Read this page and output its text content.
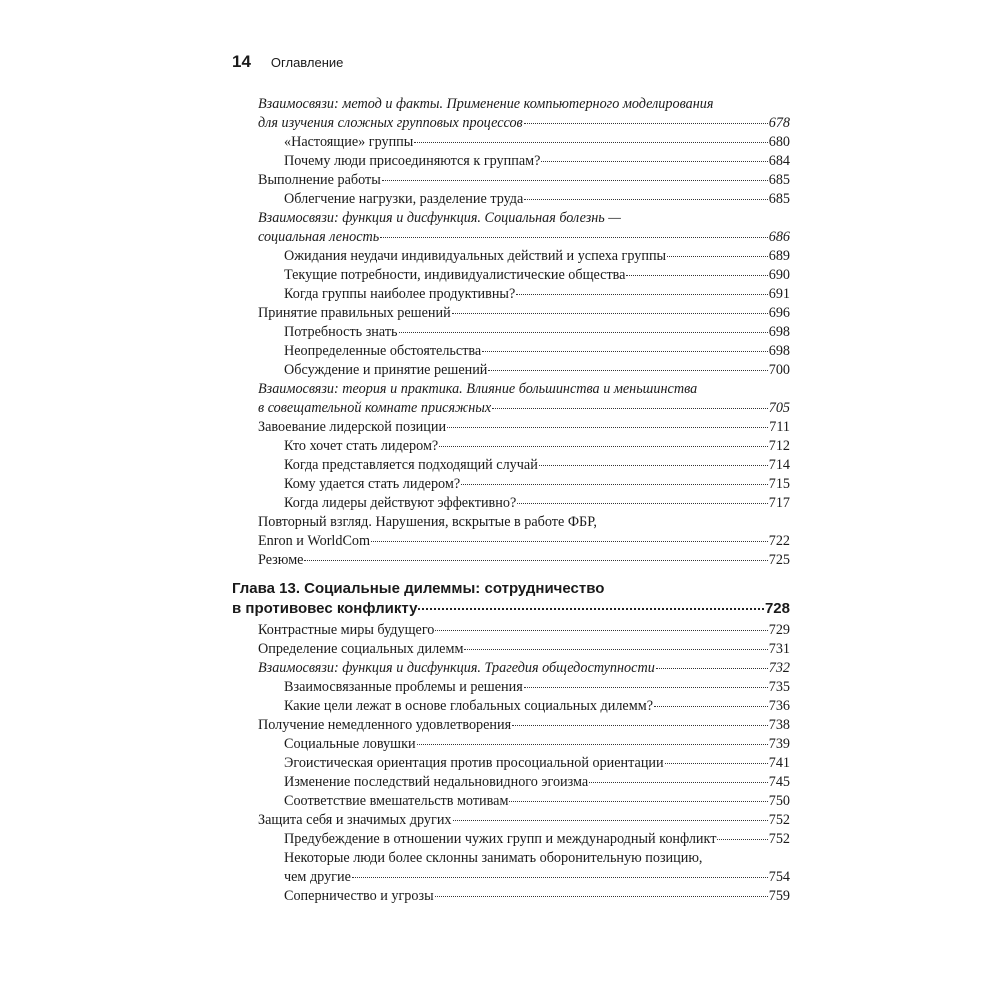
14 Оглавление
Взаимосвязи: метод и факты. Применение компьютерного моделирования
для изучения сложных групповых процессов	678
«Настоящие» группы	680
Почему люди присоединяются к группам?	684
Выполнение работы	685
Облегчение нагрузки, разделение труда	685
Взаимосвязи: функция и дисфункция. Социальная болезнь —
социальная леность	686
Ожидания неудачи индивидуальных действий и успеха группы	689
Текущие потребности, индивидуалистические общества	690
Когда группы наиболее продуктивны?	691
Принятие правильных решений	696
Потребность знать	698
Неопределенные обстоятельства	698
Обсуждение и принятие решений	700
Взаимосвязи: теория и практика. Влияние большинства и меньшинства
в совещательной комнате присяжных	705
Завоевание лидерской позиции	711
Кто хочет стать лидером?	712
Когда представляется подходящий случай	714
Кому удается стать лидером?	715
Когда лидеры действуют эффективно?	717
Повторный взгляд. Нарушения, вскрытые в работе ФБР,
Enron и WorldCom	722
Резюме	725
Глава 13. Социальные дилеммы: сотрудничество
в противовес конфликту	728
Контрастные миры будущего	729
Определение социальных дилемм	731
Взаимосвязи: функция и дисфункция. Трагедия общедоступности	732
Взаимосвязанные проблемы и решения	735
Какие цели лежат в основе глобальных социальных дилемм?	736
Получение немедленного удовлетворения	738
Социальные ловушки	739
Эгоистическая ориентация против просоциальной ориентации	741
Изменение последствий недальновидного эгоизма	745
Соответствие вмешательств мотивам	750
Защита себя и значимых других	752
Предубеждение в отношении чужих групп и международный конфликт	752
Некоторые люди более склонны занимать оборонительную позицию,
чем другие	754
Соперничество и угрозы	759
